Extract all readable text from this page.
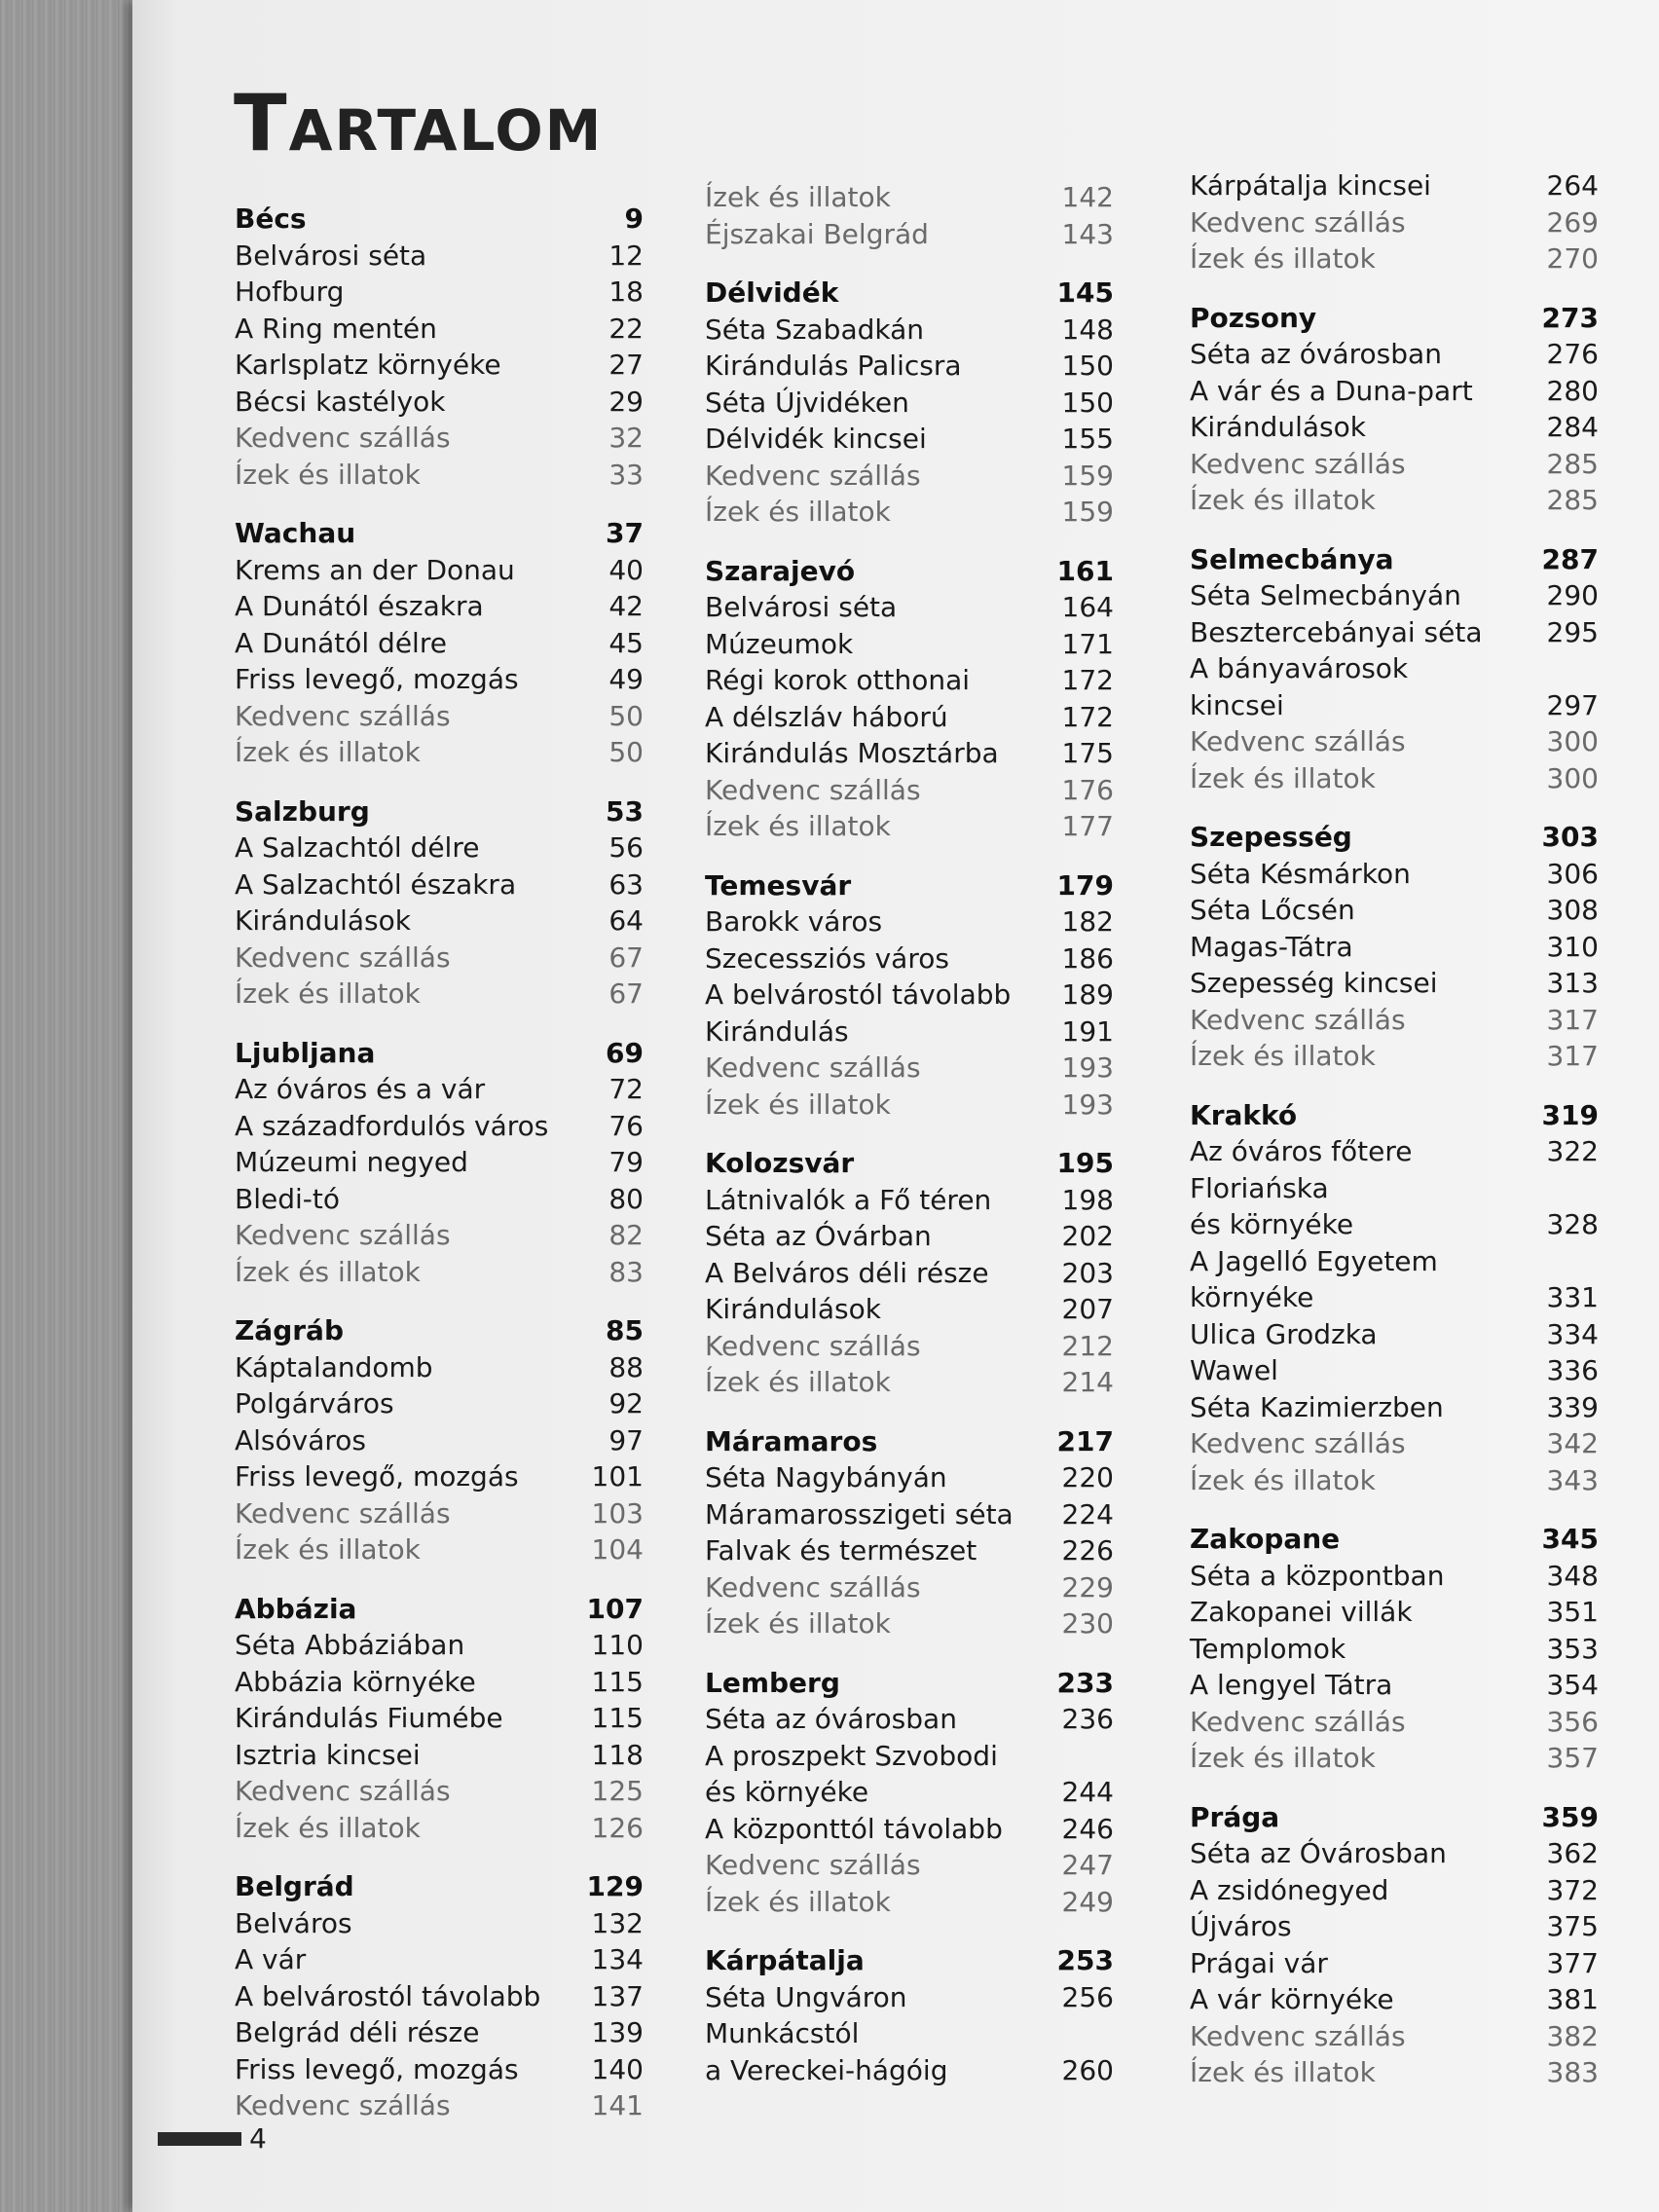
TARTALOM
Bécs	9
Belvárosi séta	12
Hofburg	18
A Ring mentén	22
Karlsplatz környéke	27
Bécsi kastélyok	29
Kedvenc szállás	32
Ízek és illatok	33
Wachau	37
Krems an der Donau	40
A Dunától északra	42
A Dunától délre	45
Friss levegő, mozgás	49
Kedvenc szállás	50
Ízek és illatok	50
Salzburg	53
A Salzachtól délre	56
A Salzachtól északra	63
Kirándulások	64
Kedvenc szállás	67
Ízek és illatok	67
Ljubljana	69
Az óváros és a vár	72
A századfordulós város	76
Múzeumi negyed	79
Bledi-tó	80
Kedvenc szállás	82
Ízek és illatok	83
Zágráb	85
Káptalandomb	88
Polgárváros	92
Alsóváros	97
Friss levegő, mozgás	101
Kedvenc szállás	103
Ízek és illatok	104
Abbázia	107
Séta Abbáziában	110
Abbázia környéke	115
Kirándulás Fiumébe	115
Isztria kincsei	118
Kedvenc szállás	125
Ízek és illatok	126
Belgrád	129
Belváros	132
A vár	134
A belvárostól távolabb 137
Belgrád déli része	139
Friss levegő, mozgás	140
Kedvenc szállás	141
Ízek és illatok	142
Éjszakai Belgrád	143
Délvidék	145
Séta Szabadkán	148
Kirándulás Palicsra	150
Séta Újvidéken	150
Délvidék kincsei	155
Kedvenc szállás	159
Ízek és illatok	159
Szarajevó	161
Belvárosi séta	164
Múzeumok	171
Régi korok otthonai	172
A délszláv háború	172
Kirándulás Mosztárba 175
Kedvenc szállás	176
Ízek és illatok	177
Temesvár	179
Barokk város	182
Szecessziós város	186
A belvárostól távolabb 189
Kirándulás	191
Kedvenc szállás	193
Ízek és illatok	193
Kolozsvár	195
Látnivalók a Fő téren	198
Séta az Óvárban	202
A Belváros déli része	203
Kirándulások	207
Kedvenc szállás	212
Ízek és illatok	214
Máramaros	217
Séta Nagybányán	220
Máramarosszigeti séta 224
Falvak és természet	226
Kedvenc szállás	229
Ízek és illatok	230
Lemberg	233
Séta az óvárosban	236
A proszpekt Szvobodi
és környéke	244
A központtól távolabb 246
Kedvenc szállás	247
Ízek és illatok	249
Kárpátalja	253
Séta Ungváron	256
Munkácstól
a Vereckei-hágóig	260
Kárpátalja kincsei	264
Kedvenc szállás	269
Ízek és illatok	270
Pozsony	273
Séta az óvárosban	276
A vár és a Duna-part	280
Kirándulások	284
Kedvenc szállás	285
Ízek és illatok	285
Selmecbánya	287
Séta Selmecbányán	290
Besztercebányai séta 295
A bányavárosok
kincsei	297
Kedvenc szállás	300
Ízek és illatok	300
Szepesség	303
Séta Késmárkon	306
Séta Lőcsén	308
Magas-Tátra	310
Szepesség kincsei	313
Kedvenc szállás	317
Ízek és illatok	317
Krakkó	319
Az óváros főtere	322
Floriańska
és környéke	328
A Jagelló Egyetem
környéke	331
Ulica Grodzka	334
Wawel	336
Séta Kazimierzben	339
Kedvenc szállás	342
Ízek és illatok	343
Zakopane	345
Séta a központban	348
Zakopanei villák	351
Templomok	353
A lengyel Tátra	354
Kedvenc szállás	356
Ízek és illatok	357
Prága	359
Séta az Óvárosban	362
A zsidónegyed	372
Újváros	375
Prágai vár	377
A vár környéke	381
Kedvenc szállás	382
Ízek és illatok	383
4
